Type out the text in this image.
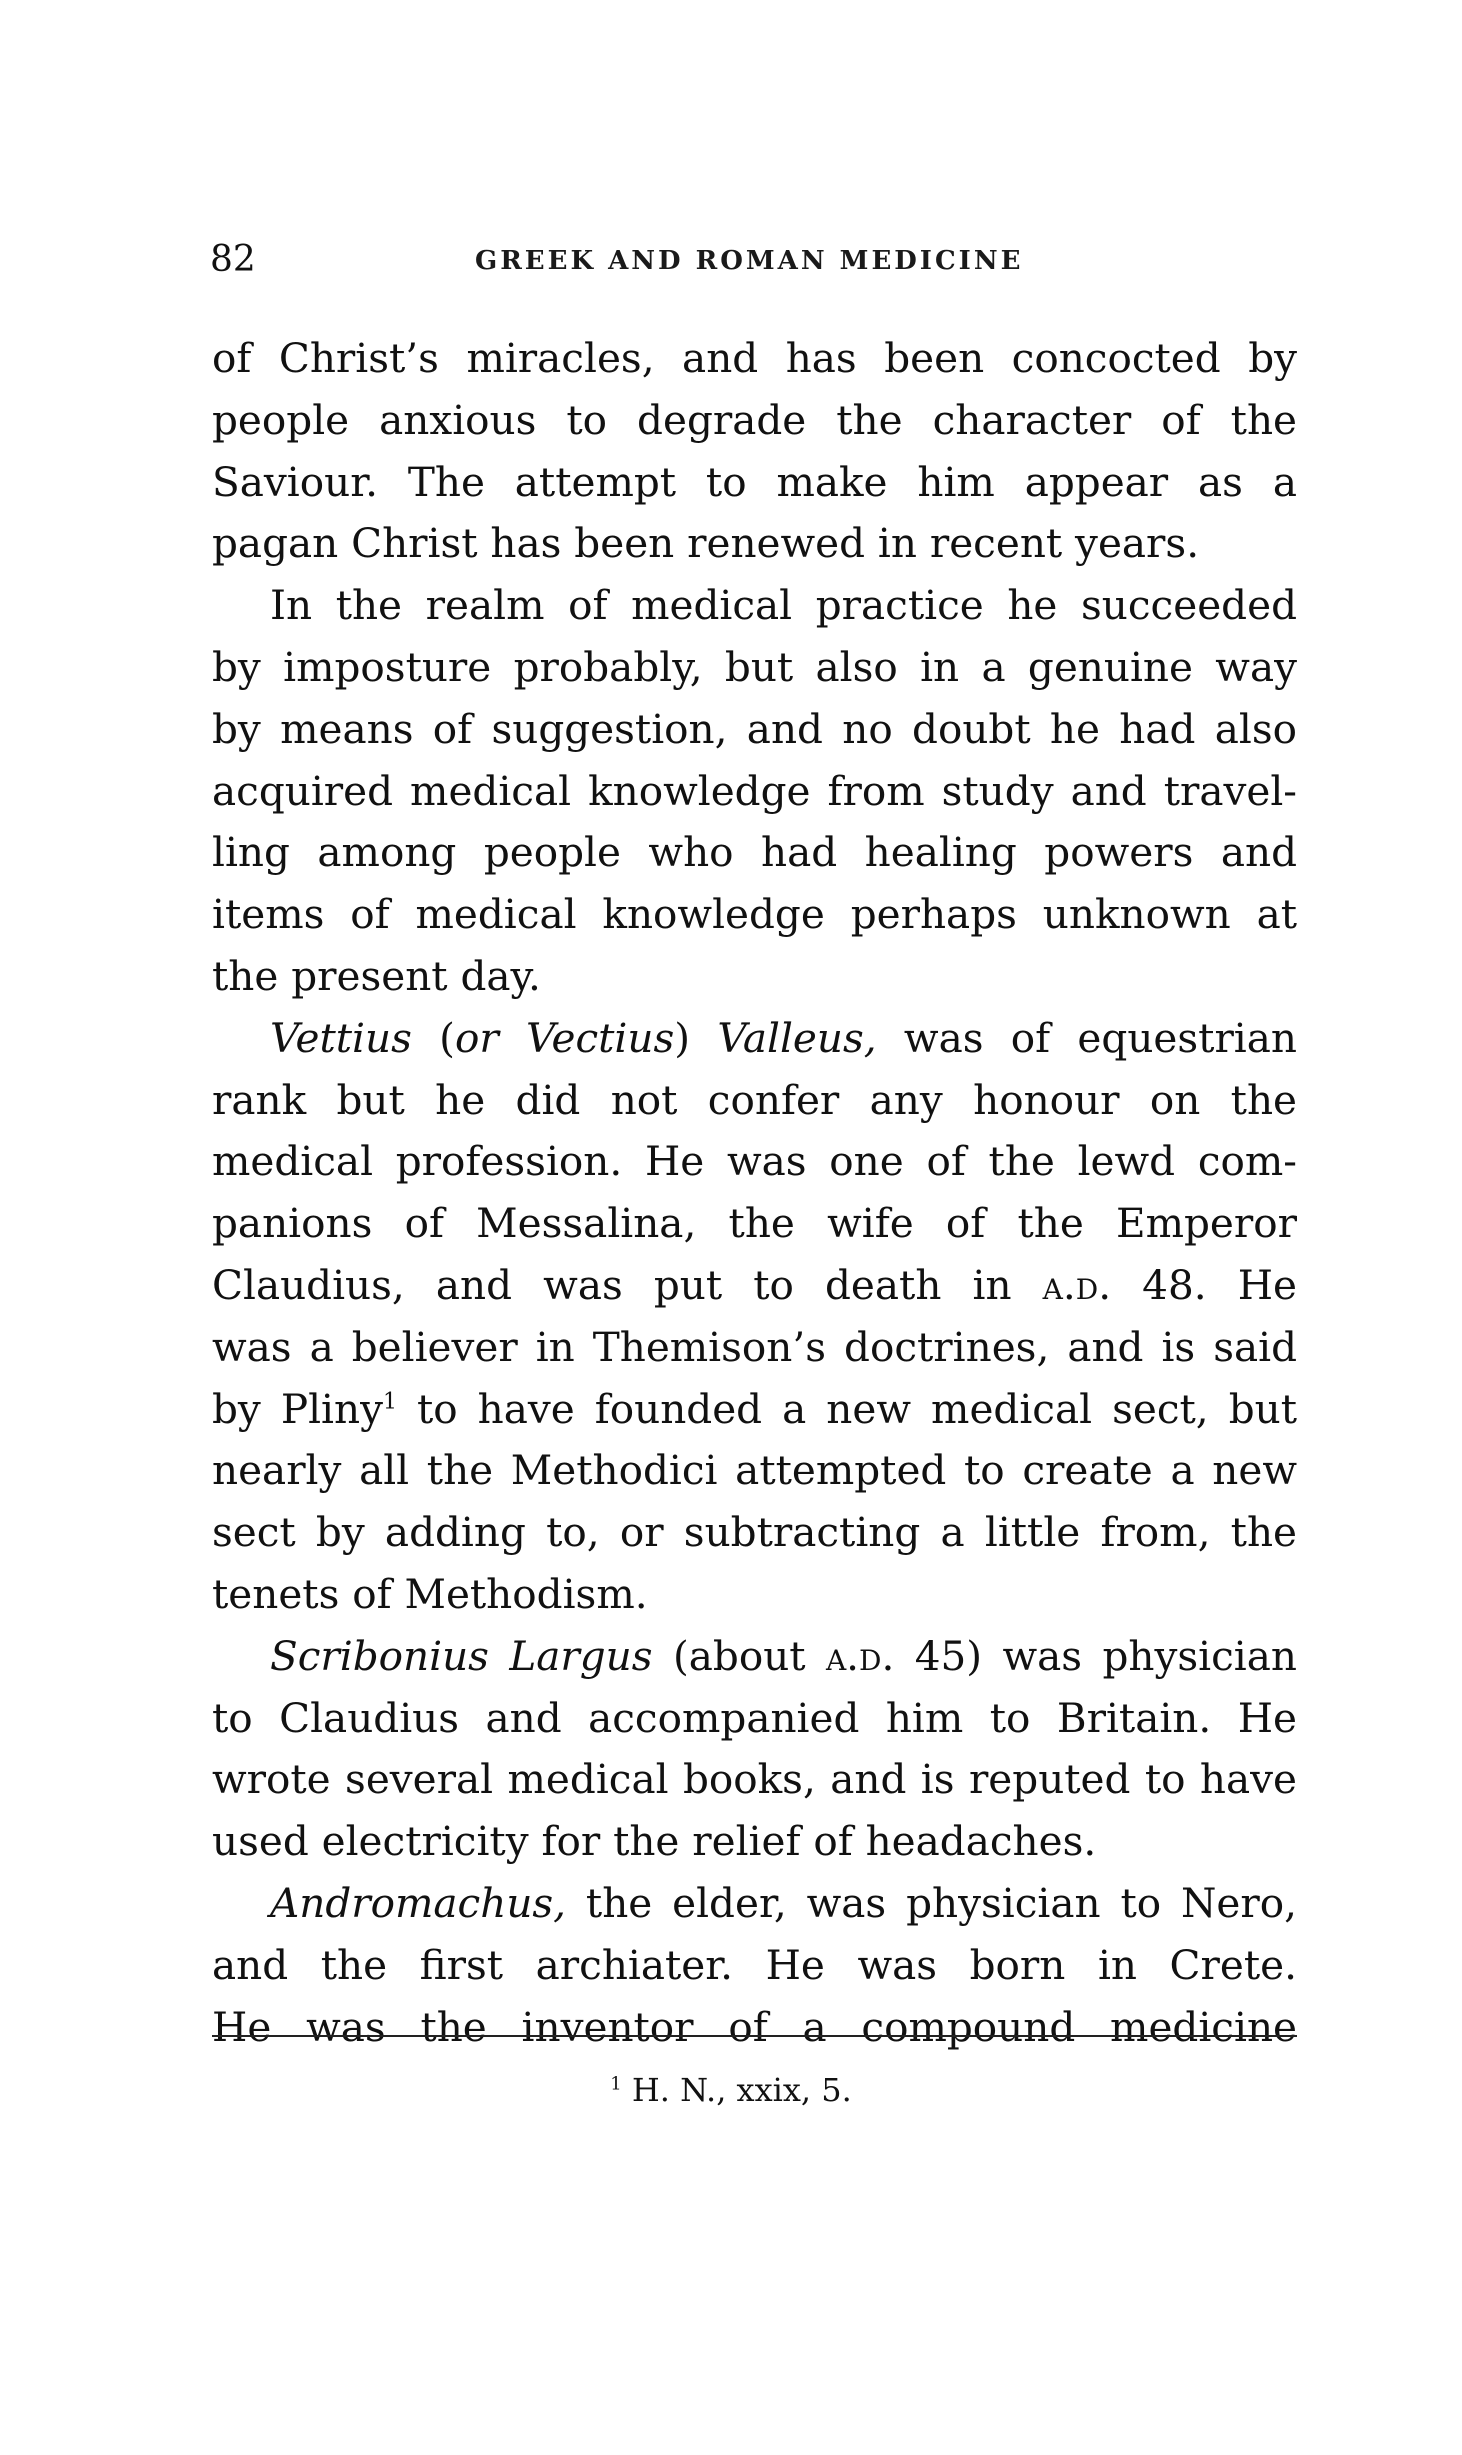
82	GREEK AND ROMAN MEDICINE
of Christ’s miracles, and has been concocted by
people anxious to degrade the character of the
Saviour. The attempt to make him appear as a
pagan Christ has been renewed in recent years.
In the realm of medical practice he succeeded
by imposture probably, but also in a genuine way
by means of suggestion, and no doubt he had also
acquired medical knowledge from study and travel-
ling among people who had healing powers and
items of medical knowledge perhaps unknown at
the present day.
Vettius (or Vectius) Valleus, was of equestrian
rank but he did not confer any honour on the
medical profession. He was one of the lewd com-
panions of Messalina, the wife of the Emperor
Claudius, and was put to death in a.d. 48. He
was a believer in Themison’s doctrines, and is said
by Pliny$^1$ to have founded a new medical sect, but
nearly all the Methodici attempted to create a new
sect by adding to, or subtracting a little from, the
tenets of Methodism.
Scribonius Largus (about a.d. 45) was physician
to Claudius and accompanied him to Britain. He
wrote several medical books, and is reputed to have
used electricity for the relief of headaches.
Andromachus, the elder, was physician to Nero,
and the first archiater. He was born in Crete.
He was the inventor of a compound medicine
$^1$ H. N., xxix, 5.
